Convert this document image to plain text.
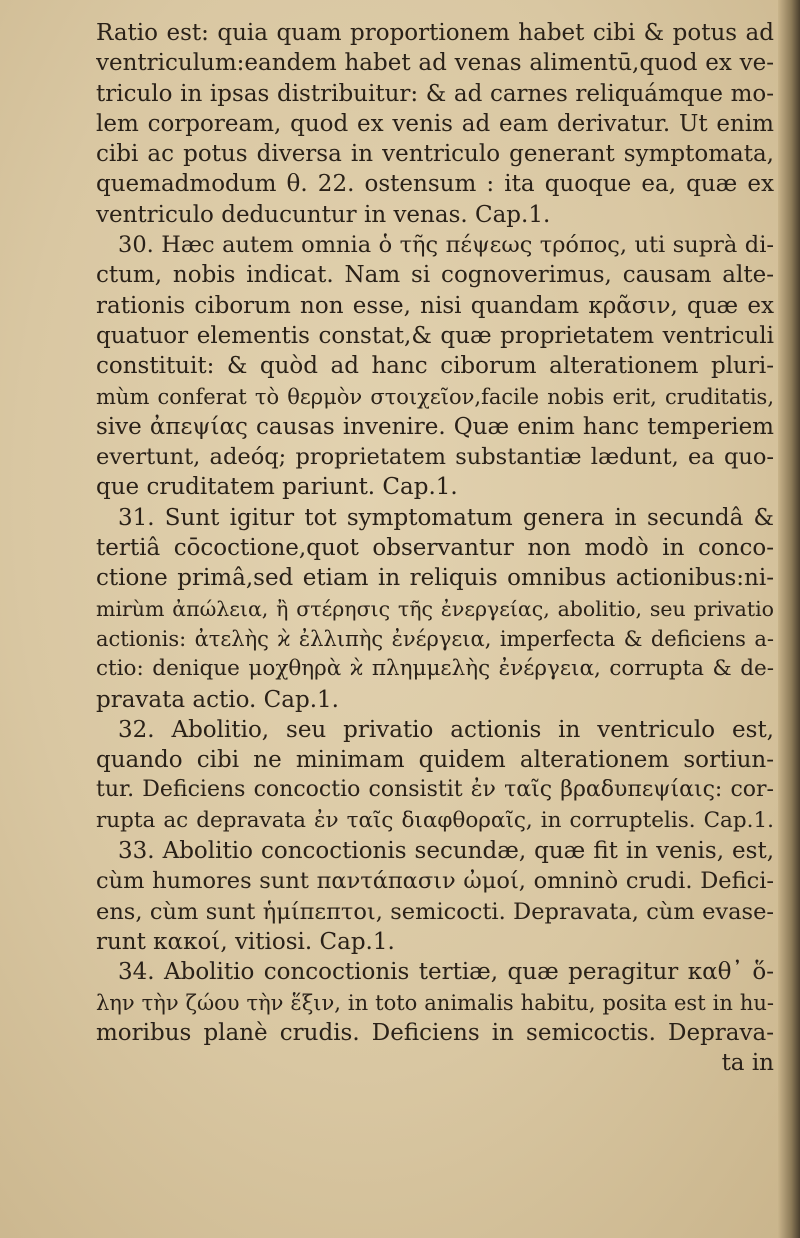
Ratio est: quia quam proportionem habet cibi & potus ad
ventriculum:eandem habet ad venas alimentū,quod ex ve-
triculo in ipsas distribuitur: & ad carnes reliquámque mo-
lem corpoream, quod ex venis ad eam derivatur. Ut enim
cibi ac potus diversa in ventriculo generant symptomata,
quemadmodum θ. 22. ostensum : ita quoque ea, quæ ex
ventriculo deducuntur in venas. Cap.1.
30. Hæc autem omnia ὁ τῆς πέψεως τρόπος, uti suprà di-
ctum, nobis indicat. Nam si cognoverimus, causam alte-
rationis ciborum non esse, nisi quandam κρᾶσιν, quæ ex
quatuor elementis constat,& quæ proprietatem ventriculi
constituit: & quòd ad hanc ciborum alterationem pluri-
mùm conferat τὸ θερμὸν στοιχεῖον,facile nobis erit, cruditatis,
sive ἀπεψίας causas invenire. Quæ enim hanc temperiem
evertunt, adeóq; proprietatem substantiæ lædunt, ea quo-
que cruditatem pariunt. Cap.1.
31. Sunt igitur tot symptomatum genera in secundâ &
tertiâ cōcoctione,quot observantur non modò in conco-
ctione primâ,sed etiam in reliquis omnibus actionibus:ni-
mirùm ἀπώλεια, ἢ στέρησις τῆς ἐνεργείας, abolitio, seu privatio
actionis: ἀτελὴς ϰ̀ ἐλλιπὴς ἐνέργεια, imperfecta & deficiens a-
ctio: denique μοχθηρὰ ϰ̀ πλημμελὴς ἐνέργεια, corrupta & de-
pravata actio. Cap.1.
32. Abolitio, seu privatio actionis in ventriculo est,
quando cibi ne minimam quidem alterationem sortiun-
tur. Deficiens concoctio consistit ἐν ταῖς βραδυπεψίαις: cor-
rupta ac depravata ἐν ταῖς διαφθοραῖς, in corruptelis. Cap.1.
33. Abolitio concoctionis secundæ, quæ fit in venis, est,
cùm humores sunt παντάπασιν ὠμοί, omninò crudi. Defici-
ens, cùm sunt ἡμίπεπτοι, semicocti. Depravata, cùm evase-
runt κακοί, vitiosi. Cap.1.
34. Abolitio concoctionis tertiæ, quæ peragitur καθ᾽ ὅ-
λην τὴν ζώου τὴν ἕξιν, in toto animalis habitu, posita est in hu-
moribus planè crudis. Deficiens in semicoctis. Deprava-
ta in
